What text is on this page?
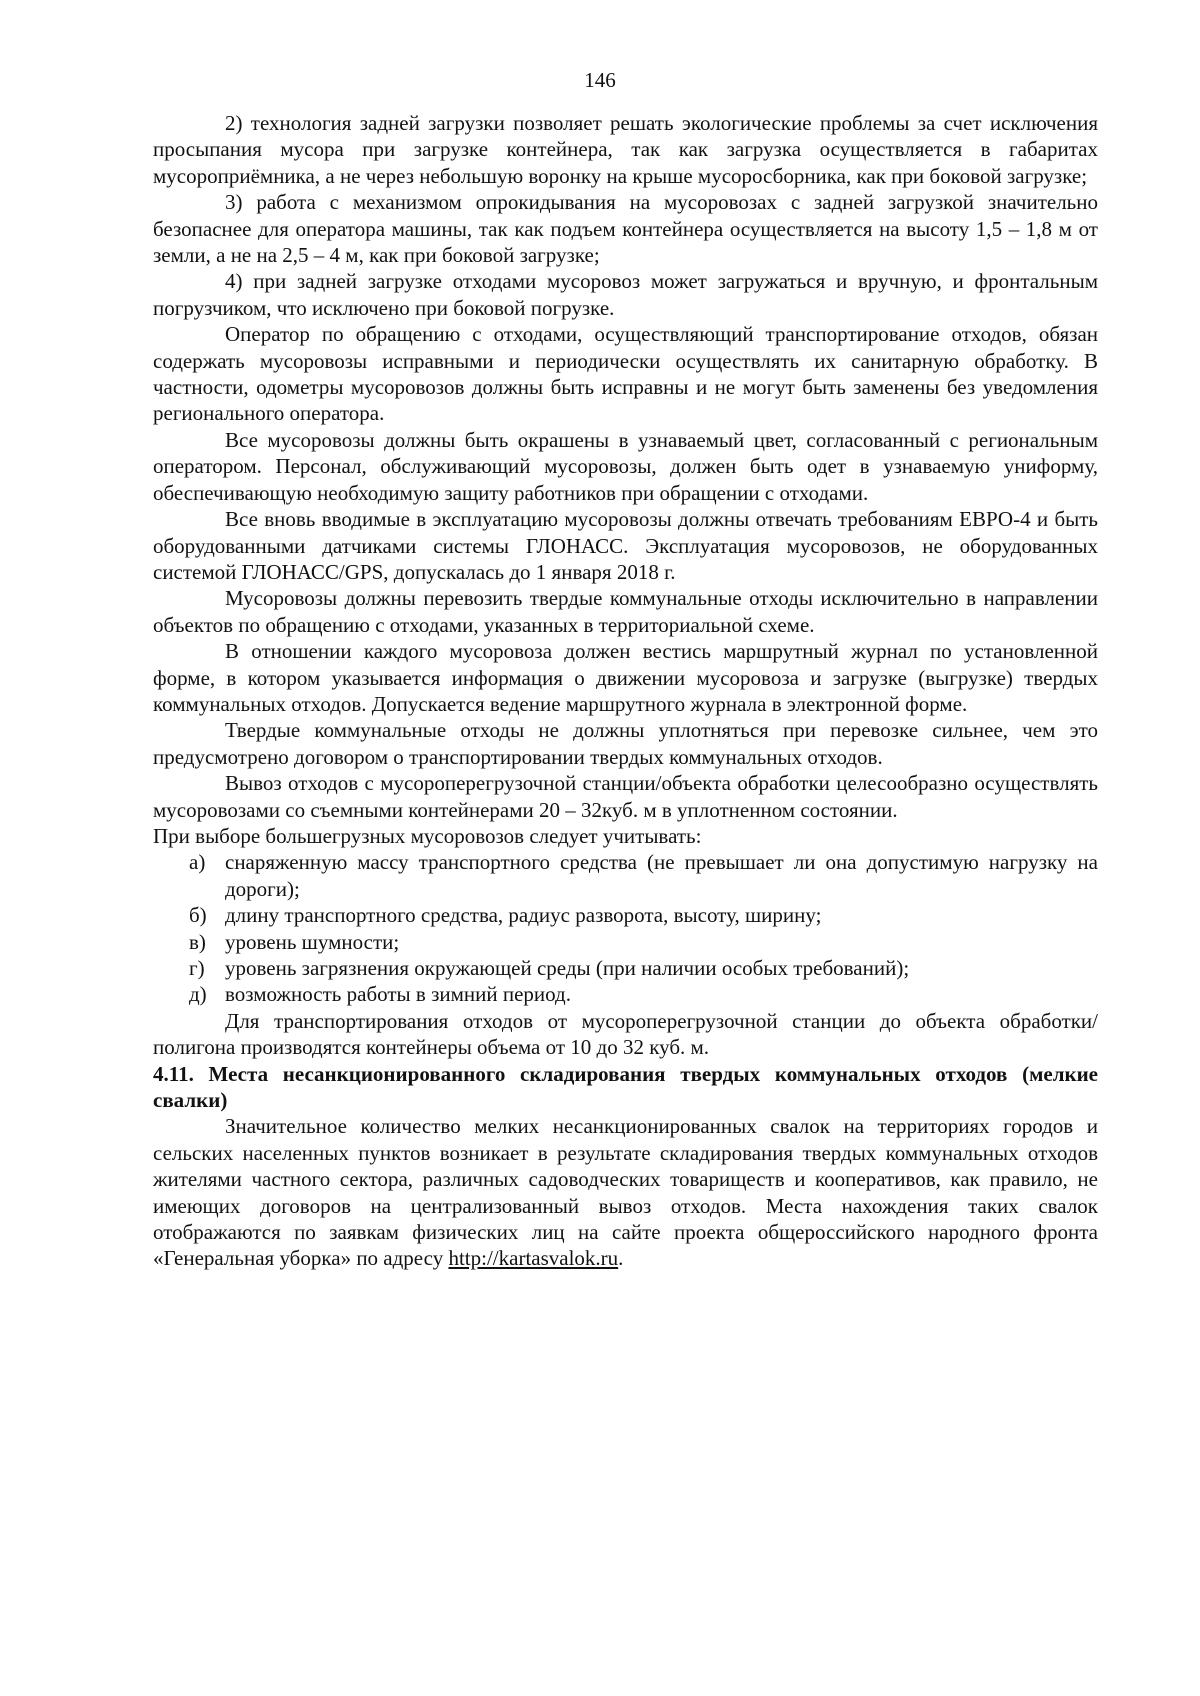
146

2) технология задней загрузки позволяет решать экологические проблемы за счет исключения просыпания мусора при загрузке контейнера, так как загрузка осуществляется в габаритах мусороприёмника, а не через небольшую воронку на крыше мусоросборника, как при боковой загрузке;

3) работа с механизмом опрокидывания на мусоровозах с задней загрузкой значительно безопаснее для оператора машины, так как подъем контейнера осуществляется на высоту 1,5 – 1,8 м от земли, а не на 2,5 – 4 м, как при боковой загрузке;

4) при задней загрузке отходами мусоровоз может загружаться и вручную, и фронтальным погрузчиком, что исключено при боковой погрузке.

Оператор по обращению с отходами, осуществляющий транспортирование отходов, обязан содержать мусоровозы исправными и периодически осуществлять их санитарную обработку. В частности, одометры мусоровозов должны быть исправны и не могут быть заменены без уведомления регионального оператора.

Все мусоровозы должны быть окрашены в узнаваемый цвет, согласованный с региональным оператором. Персонал, обслуживающий мусоровозы, должен быть одет в узнаваемую униформу, обеспечивающую необходимую защиту работников при обращении с отходами.

Все вновь вводимые в эксплуатацию мусоровозы должны отвечать требованиям ЕВРО-4 и быть оборудованными датчиками системы ГЛОНАСС. Эксплуатация мусоровозов, не оборудованных системой ГЛОНАСС/GPS, допускалась до 1 января 2018 г.

Мусоровозы должны перевозить твердые коммунальные отходы исключительно в направлении объектов по обращению с отходами, указанных в территориальной схеме.

В отношении каждого мусоровоза должен вестись маршрутный журнал по установленной форме, в котором указывается информация о движении мусоровоза и загрузке (выгрузке) твердых коммунальных отходов. Допускается ведение маршрутного журнала в электронной форме.

Твердые коммунальные отходы не должны уплотняться при перевозке сильнее, чем это предусмотрено договором о транспортировании твердых коммунальных отходов.

Вывоз отходов с мусороперегрузочной станции/объекта обработки целесообразно осуществлять мусоровозами со съемными контейнерами 20 – 32куб. м в уплотненном состоянии.

При выборе большегрузных мусоровозов следует учитывать:

а) снаряженную массу транспортного средства (не превышает ли она допустимую нагрузку на дороги);
б) длину транспортного средства, радиус разворота, высоту, ширину;
в) уровень шумности;
г) уровень загрязнения окружающей среды (при наличии особых требований);
д) возможность работы в зимний период.

Для транспортирования отходов от мусороперегрузочной станции до объекта обработки/полигона производятся контейнеры объема от 10 до 32 куб. м.

4.11. Места несанкционированного складирования твердых коммунальных отходов (мелкие свалки)

Значительное количество мелких несанкционированных свалок на территориях городов и сельских населенных пунктов возникает в результате складирования твердых коммунальных отходов жителями частного сектора, различных садоводческих товариществ и кооперативов, как правило, не имеющих договоров на централизованный вывоз отходов. Места нахождения таких свалок отображаются по заявкам физических лиц на сайте проекта общероссийского народного фронта «Генеральная уборка» по адресу http://kartasvalok.ru.
